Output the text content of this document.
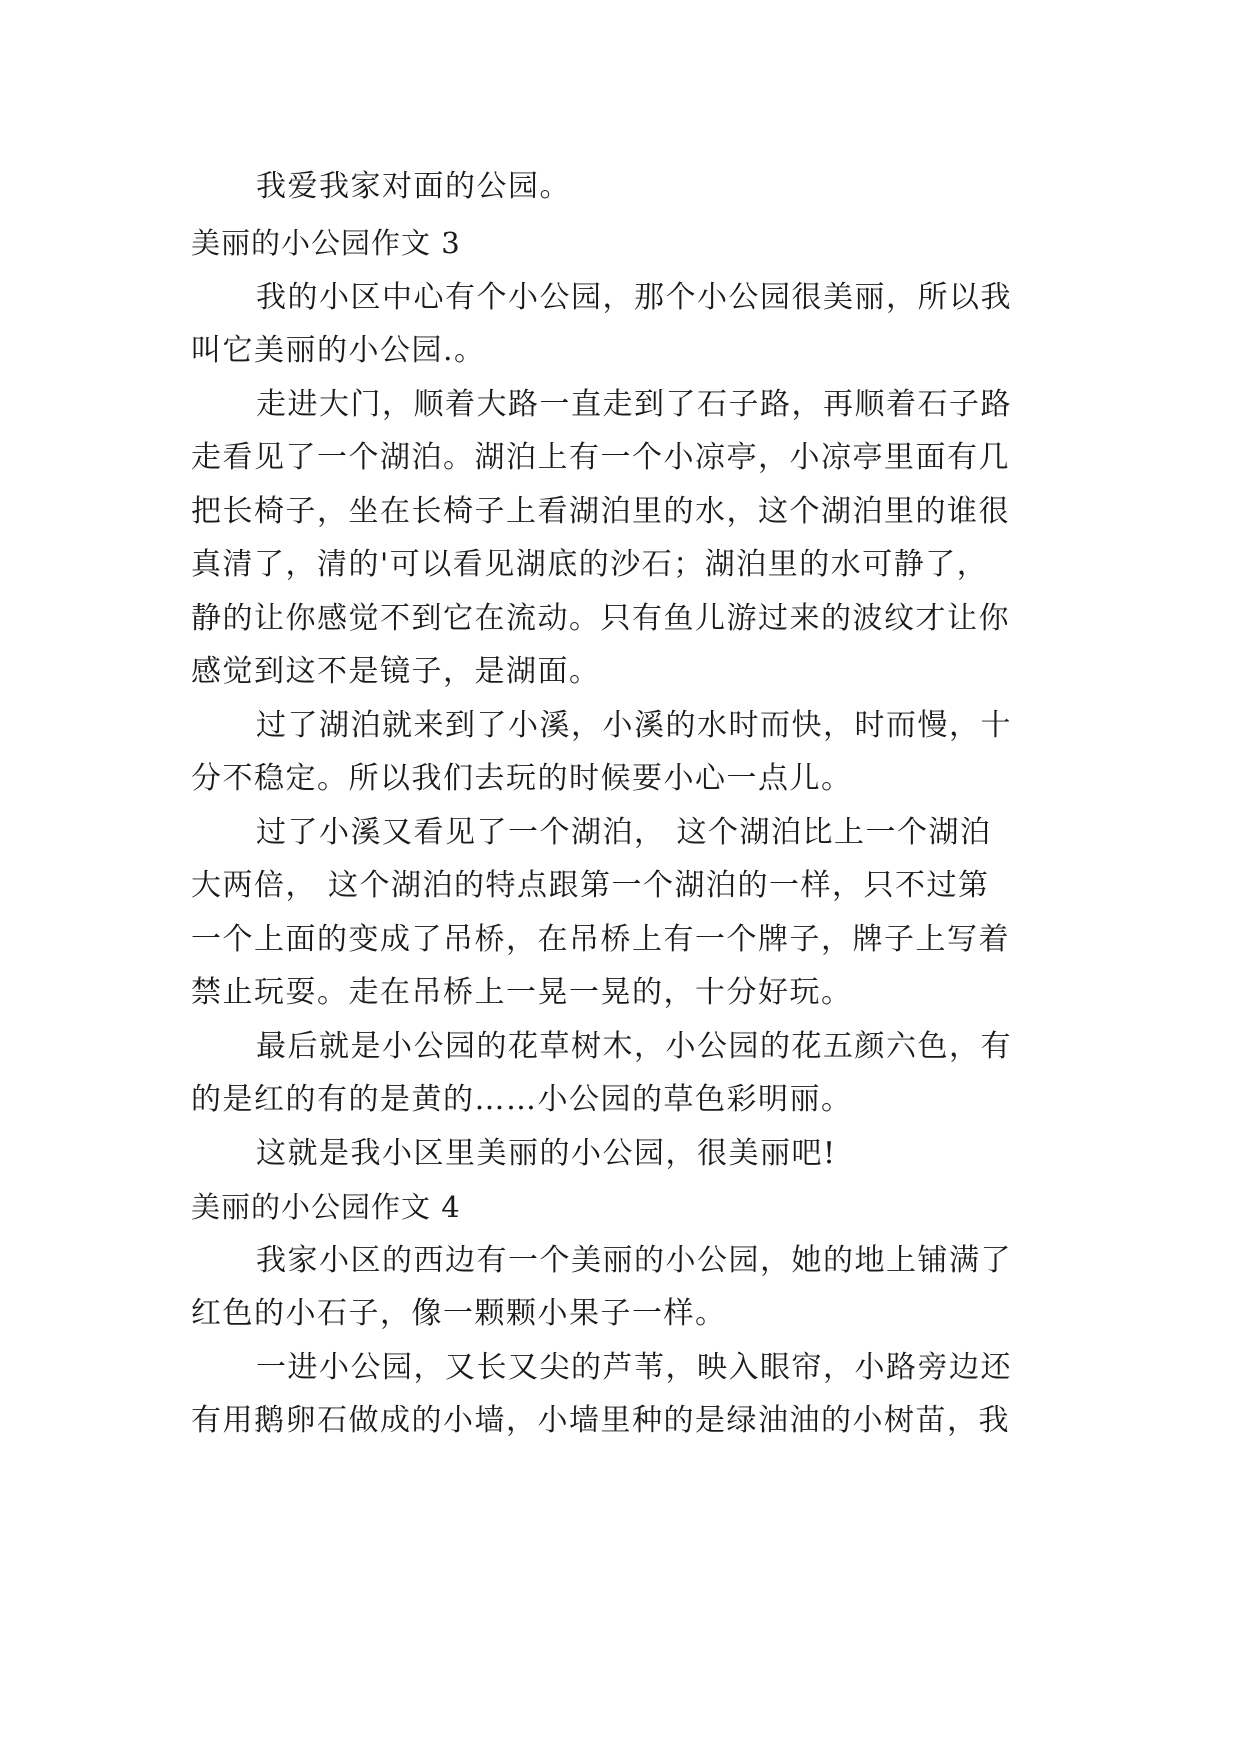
我爱我家对面的公园。
美丽的小公园作文 3
我的小区中心有个小公园，那个小公园很美丽，所以我
叫它美丽的小公园.。
走进大门，顺着大路一直走到了石子路，再顺着石子路
走看见了一个湖泊。湖泊上有一个小凉亭，小凉亭里面有几
把长椅子，坐在长椅子上看湖泊里的水，这个湖泊里的谁很
真清了，清的'可以看见湖底的沙石；湖泊里的水可静了，
静的让你感觉不到它在流动。只有鱼儿游过来的波纹才让你
感觉到这不是镜子，是湖面。
过了湖泊就来到了小溪，小溪的水时而快，时而慢，十
分不稳定。所以我们去玩的时候要小心一点儿。
过了小溪又看见了一个湖泊， 这个湖泊比上一个湖泊
大两倍， 这个湖泊的特点跟第一个湖泊的一样，只不过第
一个上面的变成了吊桥，在吊桥上有一个牌子，牌子上写着
禁止玩耍。走在吊桥上一晃一晃的，十分好玩。
最后就是小公园的花草树木，小公园的花五颜六色，有
的是红的有的是黄的……小公园的草色彩明丽。
这就是我小区里美丽的小公园，很美丽吧!
美丽的小公园作文 4
我家小区的西边有一个美丽的小公园，她的地上铺满了
红色的小石子，像一颗颗小果子一样。
一进小公园，又长又尖的芦苇，映入眼帘，小路旁边还
有用鹅卵石做成的小墙，小墙里种的是绿油油的小树苗，我
